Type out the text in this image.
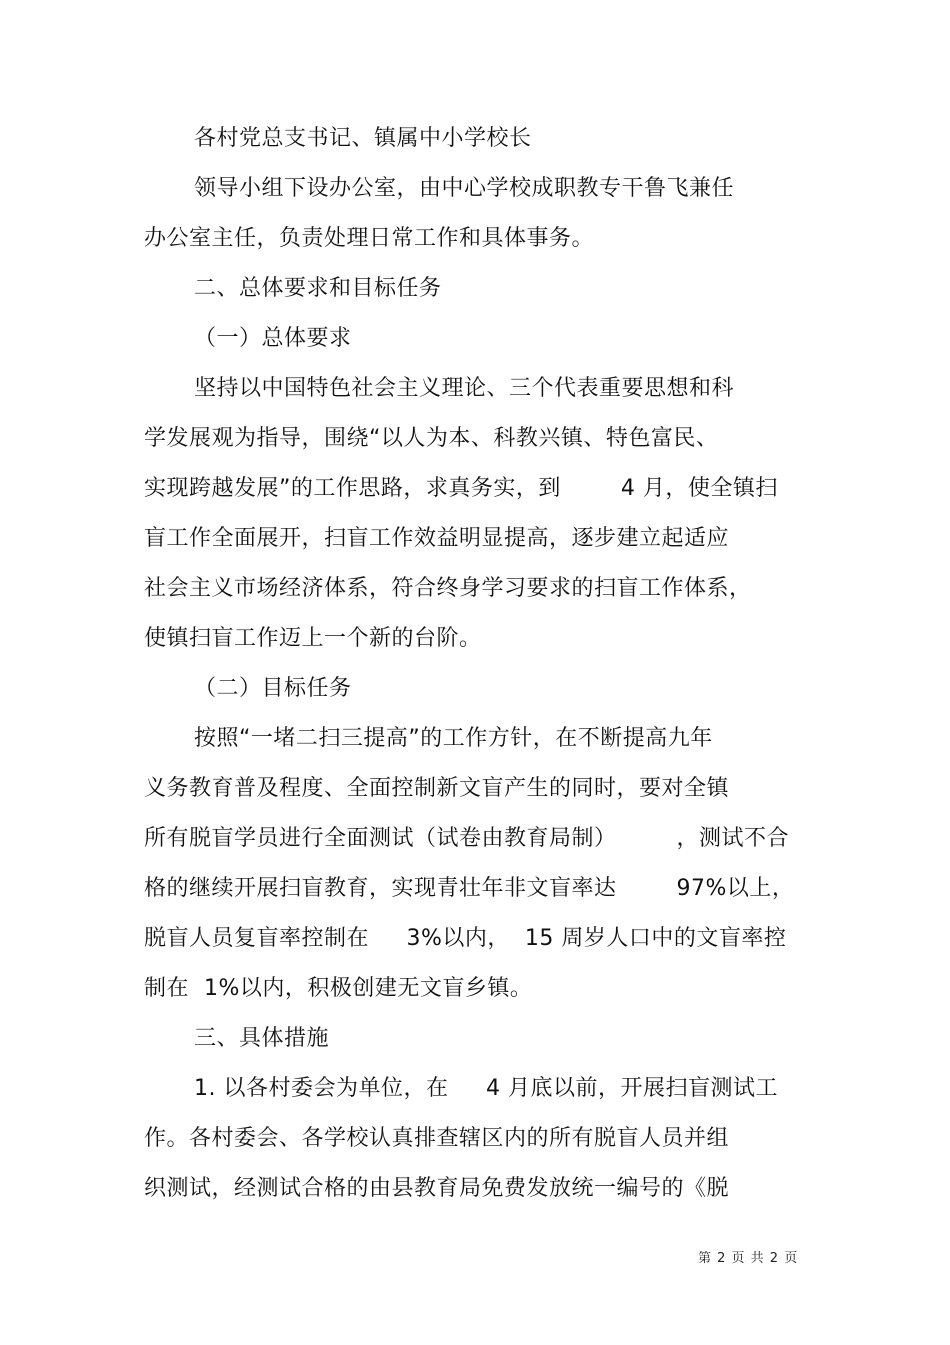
各村党总支书记、镇属中小学校长
领导小组下设办公室，由中心学校成职教专干鲁飞兼任
办公室主任，负责处理日常工作和具体事务。
二、总体要求和目标任务
（一）总体要求
坚持以中国特色社会主义理论、三个代表重要思想和科
学发展观为指导，围绕“以人为本、科教兴镇、特色富民、
实现跨越发展”的工作思路，求真务实，到        4 月，使全镇扫
盲工作全面展开，扫盲工作效益明显提高，逐步建立起适应
社会主义市场经济体系，符合终身学习要求的扫盲工作体系，
使镇扫盲工作迈上一个新的台阶。
（二）目标任务
按照“一堵二扫三提高”的工作方针，在不断提高九年
义务教育普及程度、全面控制新文盲产生的同时，要对全镇
所有脱盲学员进行全面测试（试卷由教育局制）        ，测试不合
格的继续开展扫盲教育，实现青壮年非文盲率达        97%以上，
脱盲人员复盲率控制在     3%以内，  15 周岁人口中的文盲率控
制在  1%以内，积极创建无文盲乡镇。
三、具体措施
1. 以各村委会为单位，在     4 月底以前，开展扫盲测试工
作。各村委会、各学校认真排查辖区内的所有脱盲人员并组
织测试，经测试合格的由县教育局免费发放统一编号的《脱
第 2 页 共 2 页
